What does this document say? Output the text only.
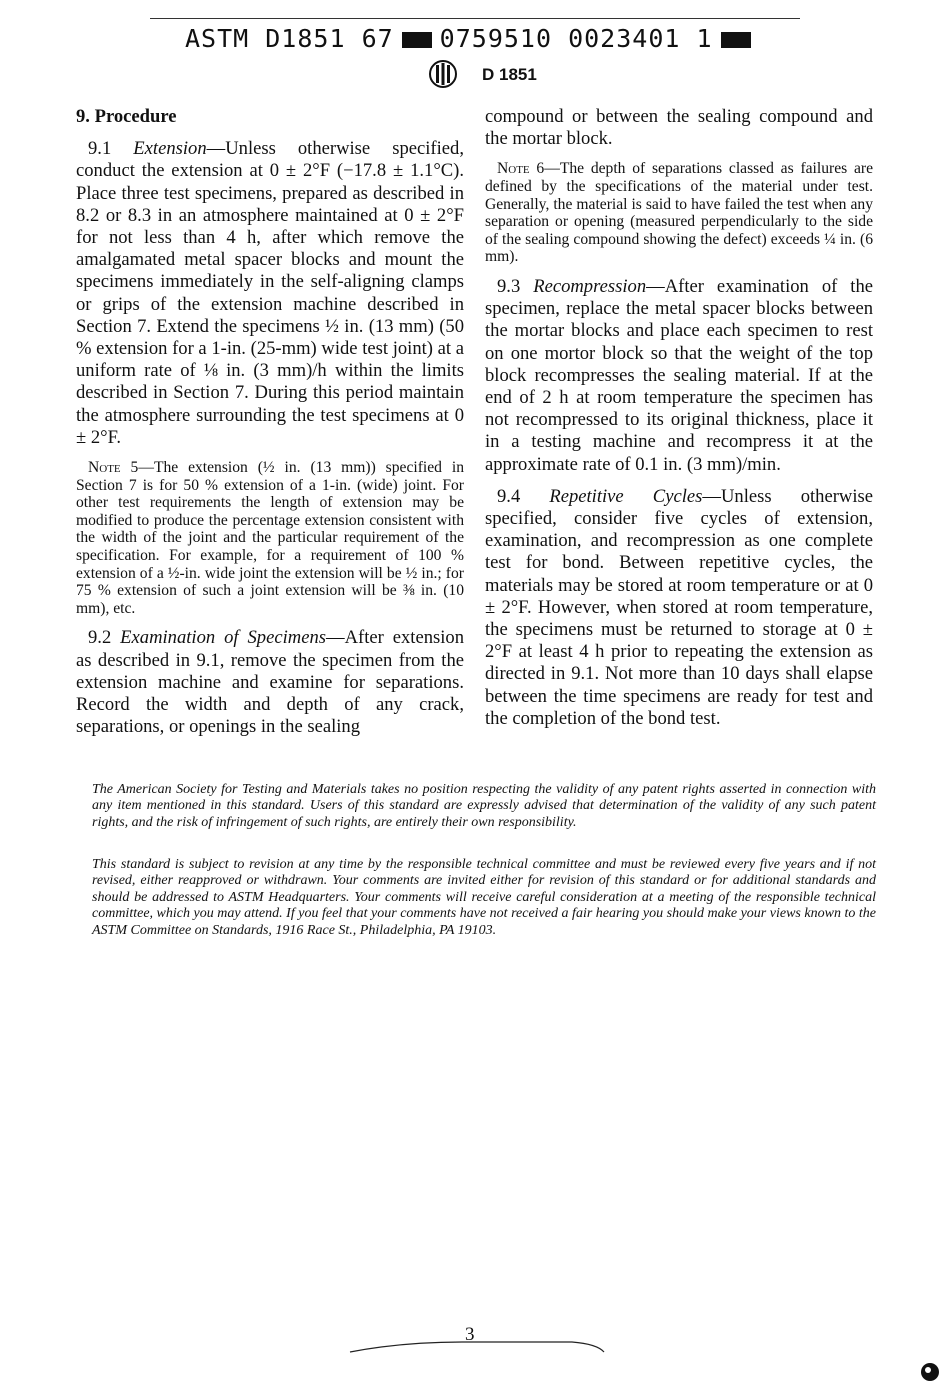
ASTM D1851 67 0759510 0023401 1
D 1851

9. Procedure

9.1 Extension—Unless otherwise specified, conduct the extension at 0 ± 2°F (−17.8 ± 1.1°C). Place three test specimens, prepared as described in 8.2 or 8.3 in an atmosphere maintained at 0 ± 2°F for not less than 4 h, after which remove the amalgamated metal spacer blocks and mount the specimens immediately in the self-aligning clamps or grips of the extension machine described in Section 7. Extend the specimens ½ in. (13 mm) (50 % extension for a 1-in. (25-mm) wide test joint) at a uniform rate of ⅛ in. (3 mm)/h within the limits described in Section 7. During this period maintain the atmosphere surrounding the test specimens at 0 ± 2°F.

Note 5—The extension (½ in. (13 mm)) specified in Section 7 is for 50 % extension of a 1-in. (wide) joint. For other test requirements the length of extension may be modified to produce the percentage extension consistent with the width of the joint and the particular requirement of the specification. For example, for a requirement of 100 % extension of a ½-in. wide joint the extension will be ½ in.; for 75 % extension of such a joint extension will be ⅜ in. (10 mm), etc.

9.2 Examination of Specimens—After extension as described in 9.1, remove the specimen from the extension machine and examine for separations. Record the width and depth of any crack, separations, or openings in the sealing

compound or between the sealing compound and the mortar block.

Note 6—The depth of separations classed as failures are defined by the specifications of the material under test. Generally, the material is said to have failed the test when any separation or opening (measured perpendicularly to the side of the sealing compound showing the defect) exceeds ¼ in. (6 mm).

9.3 Recompression—After examination of the specimen, replace the metal spacer blocks between the mortar blocks and place each specimen to rest on one mortor block so that the weight of the top block recompresses the sealing material. If at the end of 2 h at room temperature the specimen has not recompressed to its original thickness, place it in a testing machine and recompress it at the approximate rate of 0.1 in. (3 mm)/min.

9.4 Repetitive Cycles—Unless otherwise specified, consider five cycles of extension, examination, and recompression as one complete test for bond. Between repetitive cycles, the materials may be stored at room temperature or at 0 ± 2°F. However, when stored at room temperature, the specimens must be returned to storage at 0 ± 2°F at least 4 h prior to repeating the extension as directed in 9.1. Not more than 10 days shall elapse between the time specimens are ready for test and the completion of the bond test.

The American Society for Testing and Materials takes no position respecting the validity of any patent rights asserted in connection with any item mentioned in this standard. Users of this standard are expressly advised that determination of the validity of any such patent rights, and the risk of infringement of such rights, are entirely their own responsibility.

This standard is subject to revision at any time by the responsible technical committee and must be reviewed every five years and if not revised, either reapproved or withdrawn. Your comments are invited either for revision of this standard or for additional standards and should be addressed to ASTM Headquarters. Your comments will receive careful consideration at a meeting of the responsible technical committee, which you may attend. If you feel that your comments have not received a fair hearing you should make your views known to the ASTM Committee on Standards, 1916 Race St., Philadelphia, PA 19103.

3
